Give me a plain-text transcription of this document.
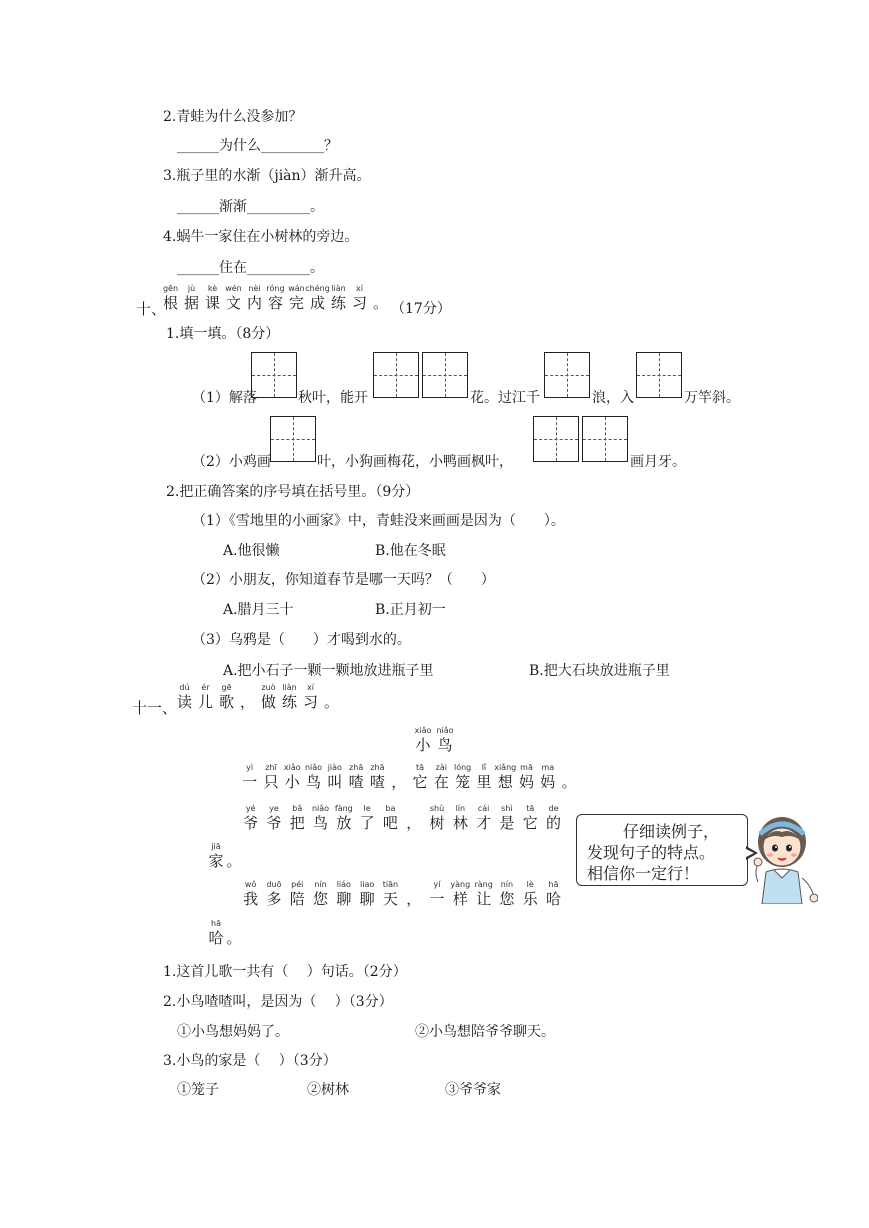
2.青蛙为什么没参加？
______为什么_________？
3.瓶子里的水渐（jiàn）渐升高。
______渐渐_________。
4.蜗牛一家住在小树林的旁边。
______住在_________。
十、
gēn
根
jù
据
kè
课
wén
文
nèi
内
róng
容
wán
完
chéng
成
liàn
练
xí
习 。 （17分）
1.填一填。（8分）
（1）解落	秋叶，能开	花。过江千	浪，入	万竿斜。
（2）小鸡画	叶，小狗画梅花，小鸭画枫叶，	画月牙。
2.把正确答案的序号填在括号里。（9分）
（1）《雪地里的小画家》中，青蛙没来画画是因为（　　）。
A.他很懒	B.他在冬眠
（2）小朋友，你知道春节是哪一天吗？（　　）
A.腊月三十	B.正月初一
（3）乌鸦是（　　）才喝到水的。
A.把小石子一颗一颗地放进瓶子里	B.把大石块放进瓶子里
十一、
dú
读
ér
儿
gē
歌 ，
zuò
做
liàn
练
xí
习 。
xiǎo
小
niǎo
鸟
yì
一
zhī
只
xiǎo
小
niǎo
鸟
jiào
叫
zhā
喳
zhā
喳 ，
tā
它
zài
在
lóng
笼
lǐ
里
xiǎng
想
mā
妈
ma
妈 。
yé
爷
ye
爷
bǎ
把
niǎo
鸟
fàng
放
le
了
ba
吧 ，
shù
树
lín
林
cái
才
shì
是
tā
它
de
的
jiā
家 。
wǒ
我
duō
多
péi
陪
nín
您
liáo
聊
liao
聊
tiān
天 ，
yí
一
yàng
样
ràng
让
nín
您
lè
乐
hā
哈
hā
哈 。
仔细读例子，
发现句子的特点。
相信你一定行！
1.这首儿歌一共有（　 ）句话。（2分）
2.小鸟喳喳叫，是因为（　 ）（3分）
①小鸟想妈妈了。	②小鸟想陪爷爷聊天。
3.小鸟的家是（　 ）（3分）
①笼子	②树林	③爷爷家
